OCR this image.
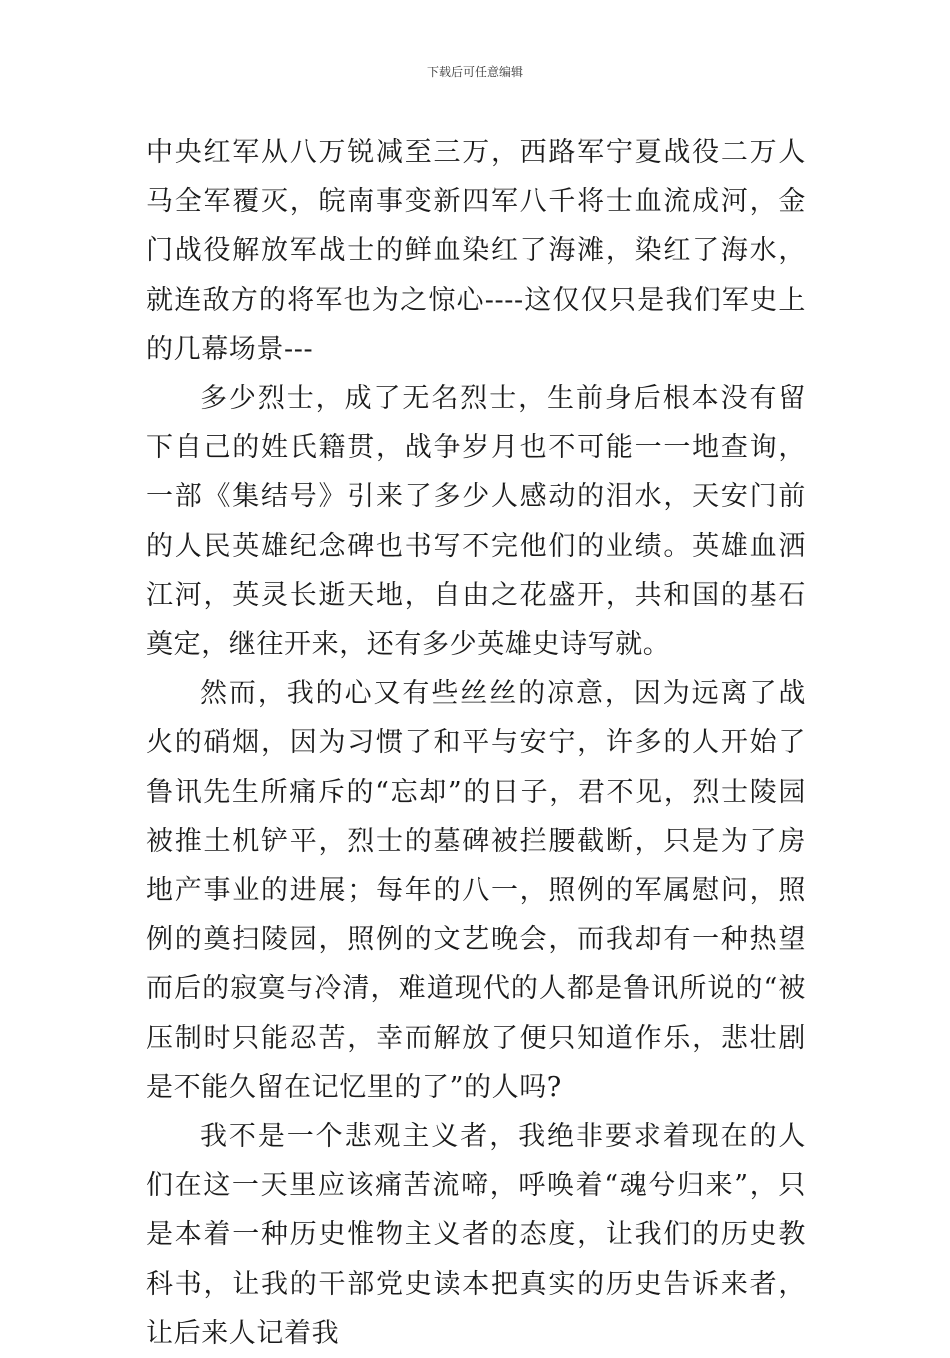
下载后可任意编辑

中央红军从八万锐减至三万，西路军宁夏战役二万人马全军覆灭，皖南事变新四军八千将士血流成河，金门战役解放军战士的鲜血染红了海滩，染红了海水，就连敌方的将军也为之惊心----这仅仅只是我们军史上的几幕场景---

多少烈士，成了无名烈士，生前身后根本没有留下自己的姓氏籍贯，战争岁月也不可能一一地查询，一部《集结号》引来了多少人感动的泪水，天安门前的人民英雄纪念碑也书写不完他们的业绩。英雄血洒江河，英灵长逝天地，自由之花盛开，共和国的基石奠定，继往开来，还有多少英雄史诗写就。

然而，我的心又有些丝丝的凉意，因为远离了战火的硝烟，因为习惯了和平与安宁，许多的人开始了鲁讯先生所痛斥的“忘却”的日子，君不见，烈士陵园被推土机铲平，烈士的墓碑被拦腰截断，只是为了房地产事业的进展；每年的八一，照例的军属慰问，照例的奠扫陵园，照例的文艺晚会，而我却有一种热望而后的寂寞与冷清，难道现代的人都是鲁讯所说的“被压制时只能忍苦，幸而解放了便只知道作乐，悲壮剧是不能久留在记忆里的了”的人吗?

我不是一个悲观主义者，我绝非要求着现在的人们在这一天里应该痛苦流啼，呼唤着“魂兮归来”，只是本着一种历史惟物主义者的态度，让我们的历史教科书，让我的干部党史读本把真实的历史告诉来者，让后来人记着我
